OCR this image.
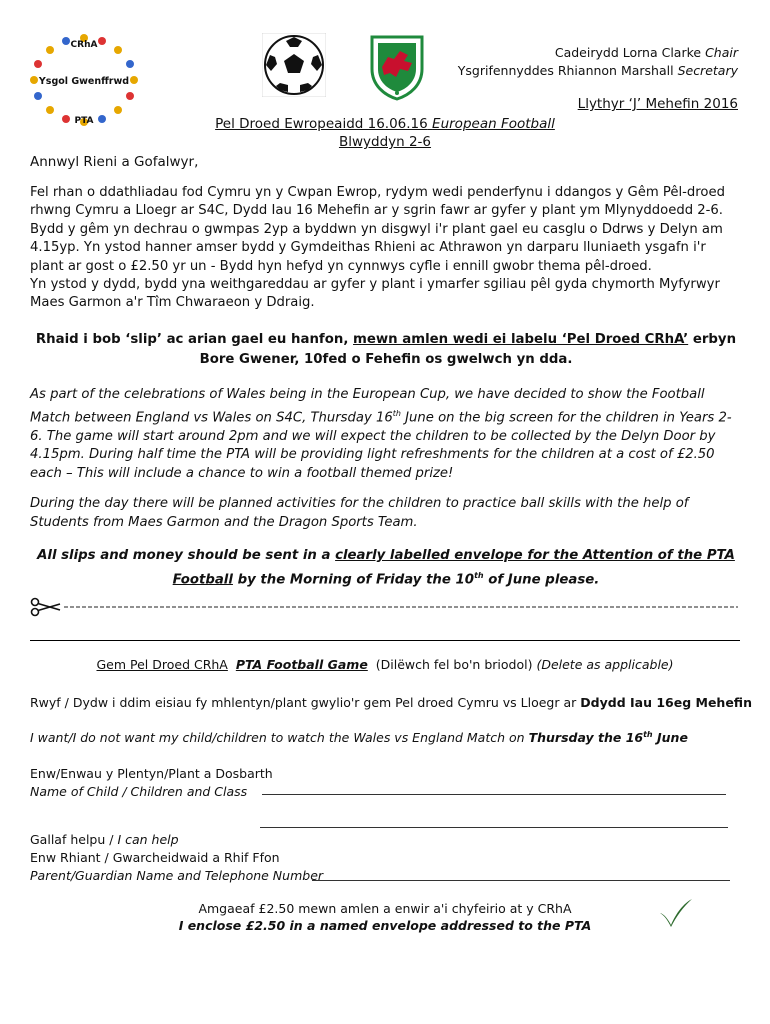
CRhA
Ysgol Gwenffrwd
PTA
Cadeirydd Lorna Clarke Chair
Ysgrifennyddes Rhiannon Marshall Secretary
Llythyr ‘J’ Mehefin 2016
Pel Droed Ewropeaidd 16.06.16 European Football
Blwyddyn 2-6
Annwyl Rieni a Gofalwyr,
Fel rhan o ddathliadau fod Cymru yn y Cwpan Ewrop, rydym wedi penderfynu i ddangos y Gêm Pêl-droed rhwng Cymru a Lloegr ar S4C, Dydd Iau 16 Mehefin ar y sgrin fawr ar gyfer y plant ym Mlynyddoedd 2-6. Bydd y gêm yn dechrau o gwmpas 2yp a byddwn yn disgwyl i'r plant gael eu casglu o Ddrws y Delyn am 4.15yp. Yn ystod hanner amser bydd y Gymdeithas Rhieni ac Athrawon yn darparu lluniaeth ysgafn i'r plant ar gost o £2.50 yr un - Bydd hyn hefyd yn cynnwys cyfle i ennill gwobr thema pêl-droed.
Yn ystod y dydd, bydd yna weithgareddau ar gyfer y plant i ymarfer sgiliau pêl gyda chymorth Myfyrwyr Maes Garmon a'r Tîm Chwaraeon y Ddraig.
Rhaid i bob ‘slip’ ac arian gael eu hanfon, mewn amlen wedi ei labelu ‘Pel Droed CRhA’ erbyn Bore Gwener, 10fed o Fehefin os gwelwch yn dda.
As part of the celebrations of Wales being in the European Cup, we have decided to show the Football Match between England vs Wales on S4C, Thursday 16th June on the big screen for the children in Years 2-6. The game will start around 2pm and we will expect the children to be collected by the Delyn Door by 4.15pm. During half time the PTA will be providing light refreshments for the children at a cost of £2.50 each – This will include a chance to win a football themed prize!
During the day there will be planned activities for the children to practice ball skills with the help of Students from Maes Garmon and the Dragon Sports Team.
All slips and money should be sent in a clearly labelled envelope for the Attention of the PTA Football by the Morning of Friday the 10th of June please.
Gem Pel Droed CRhA PTA Football Game (Dilëwch fel bo'n briodol) (Delete as applicable)
Rwyf / Dydw i ddim eisiau fy mhlentyn/plant gwylio'r gem Pel droed Cymru vs Lloegr ar Ddydd Iau 16eg Mehefin
I want/I do not want my child/children to watch the Wales vs England Match on Thursday the 16th June
Enw/Enwau y Plentyn/Plant a Dosbarth
Name of Child / Children and Class
Gallaf helpu / I can help
Enw Rhiant / Gwarcheidwaid a Rhif Ffon
Parent/Guardian Name and Telephone Number
Amgaeaf £2.50 mewn amlen a enwir a'i chyfeirio at y CRhA
I enclose £2.50 in a named envelope addressed to the PTA
